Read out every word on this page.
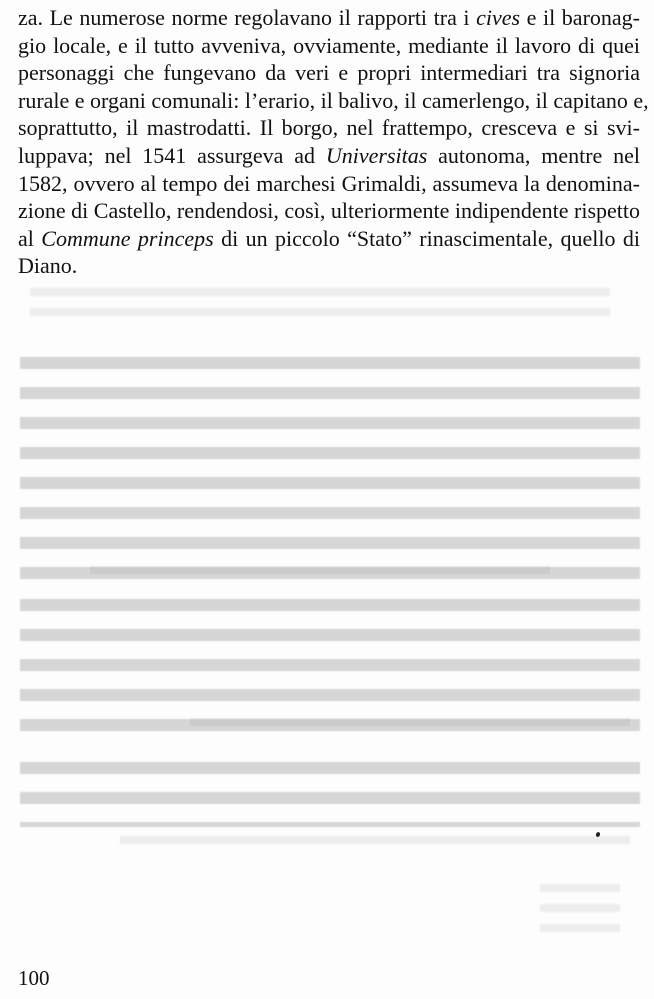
za. Le numerose norme regolavano il rapporti tra i cives e il baronag-
gio locale, e il tutto avveniva, ovviamente, mediante il lavoro di quei
personaggi che fungevano da veri e propri intermediari tra signoria
rurale e organi comunali: l’erario, il balivo, il camerlengo, il capitano e,
soprattutto, il mastrodatti. Il borgo, nel frattempo, cresceva e si svi-
luppava; nel 1541 assurgeva ad Universitas autonoma, mentre nel
1582, ovvero al tempo dei marchesi Grimaldi, assumeva la denomina-
zione di Castello, rendendosi, così, ulteriormente indipendente rispetto
al Commune princeps di un piccolo “Stato” rinascimentale, quello di
Diano.

100
